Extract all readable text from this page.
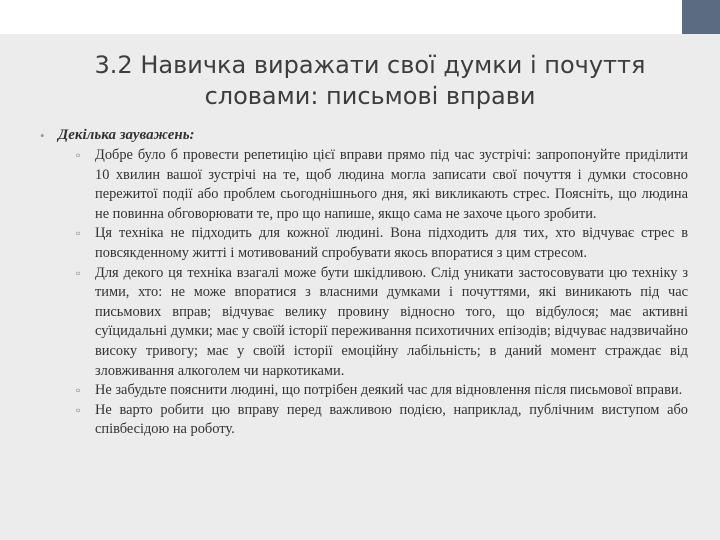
3.2 Навичка виражати свої думки і почуття
словами: письмові вправи
• Декілька зауважень:

▫ Добре було б провести репетицію цієї вправи прямо під час зустрічі: запропонуйте приділити 10 хвилин вашої зустрічі на те, щоб людина могла записати свої почуття і думки стосовно пережитої події або проблем сьогоднішнього дня, які викликають стрес. Поясніть, що людина не повинна обговорювати те, про що напише, якщо сама не захоче цього зробити.

▫ Ця техніка не підходить для кожної людині. Вона підходить для тих, хто відчуває стрес в повсякденному житті і мотивований спробувати якось впоратися з цим стресом.

▫ Для декого ця техніка взагалі може бути шкідливою. Слід уникати застосовувати цю техніку з тими, хто: не може впоратися з власними думками і почуттями, які виникають під час письмових вправ; відчуває велику провину відносно того, що відбулося; має активні суїцидальні думки; має у своїй історії переживання психотичних епізодів; відчуває надзвичайно високу тривогу; має у своїй історії емоційну лабільність; в даний момент страждає від зловживання алкоголем чи наркотиками.

▫ Не забудьте пояснити людині, що потрібен деякий час для відновлення після письмової вправи.

▫ Не варто робити цю вправу перед важливою подією, наприклад, публічним виступом або співбесідою на роботу.
